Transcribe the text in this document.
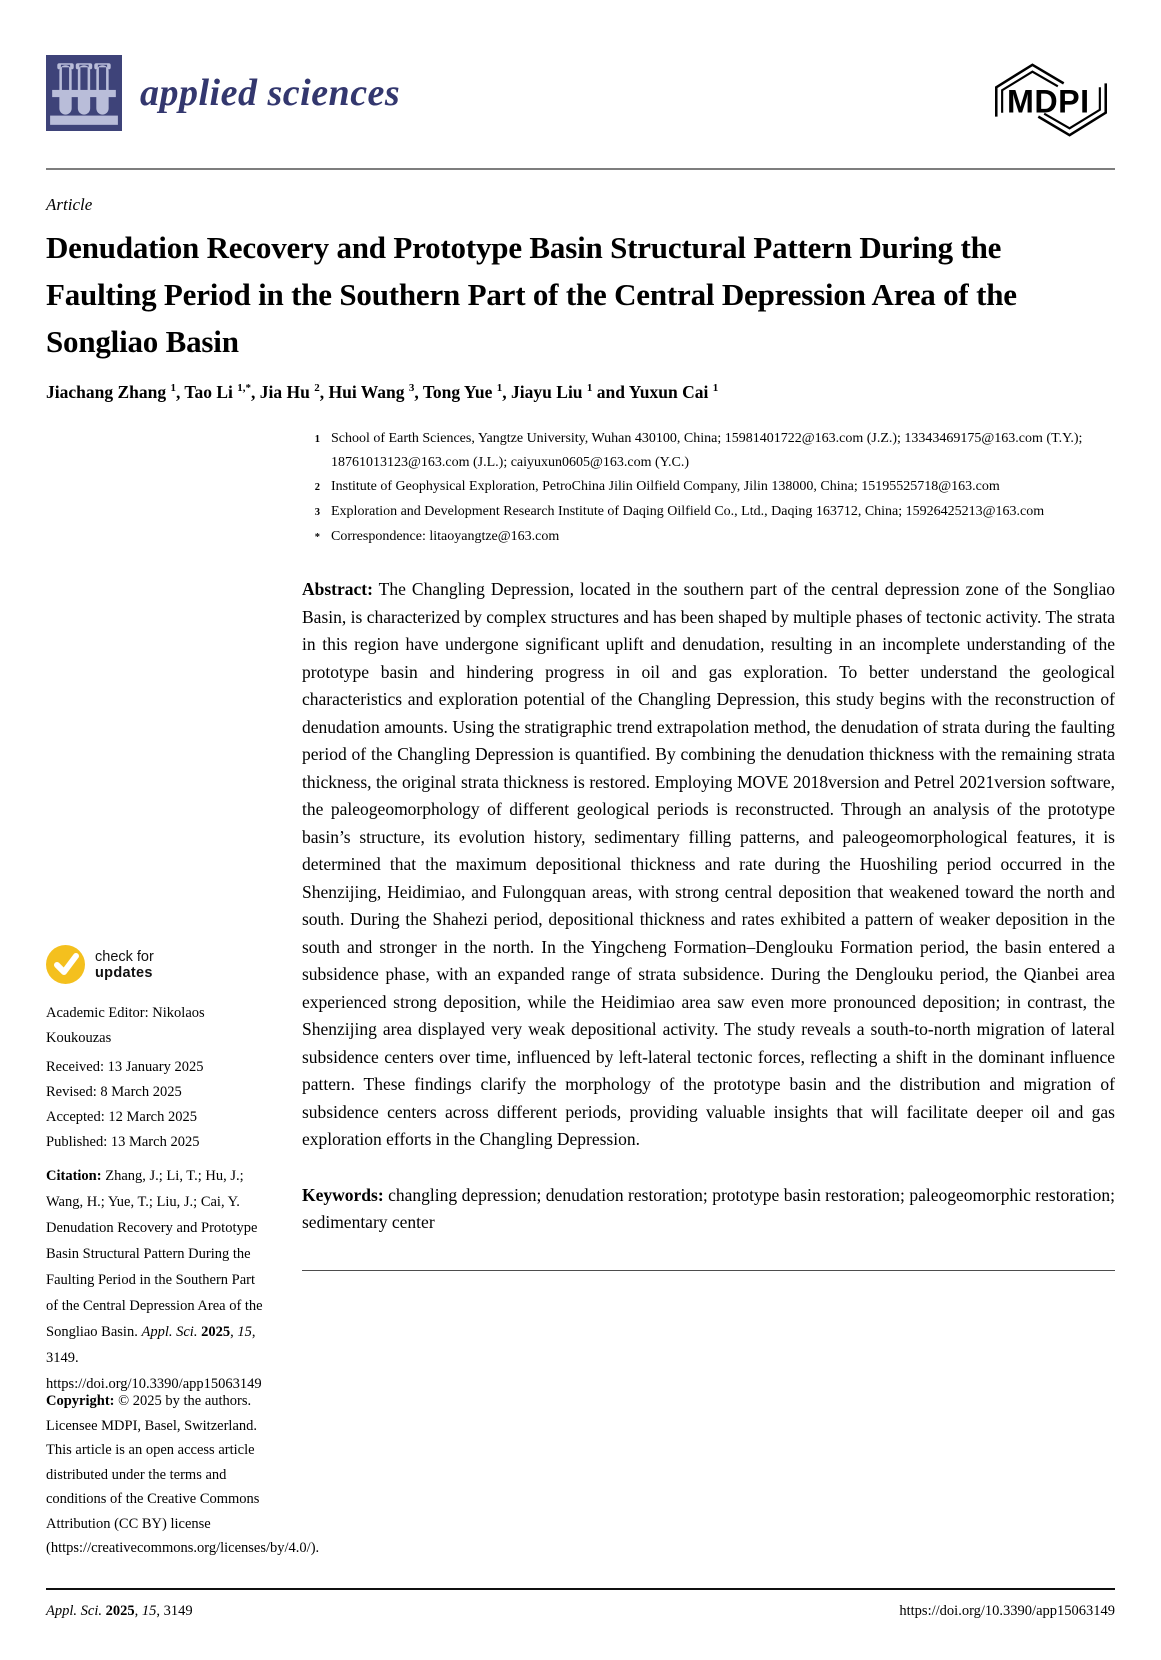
applied sciences	MDPI
Article
Denudation Recovery and Prototype Basin Structural Pattern During the Faulting Period in the Southern Part of the Central Depression Area of the Songliao Basin
Jiachang Zhang $^1$, Tao Li $^{1,*}$, Jia Hu $^2$, Hui Wang $^3$, Tong Yue $^1$, Jiayu Liu $^1$ and Yuxun Cai $^1$
check for
updates
Academic Editor: Nikolaos Koukouzas
Received: 13 January 2025
Revised: 8 March 2025
Accepted: 12 March 2025
Published: 13 March 2025
Citation: Zhang, J.; Li, T.; Hu, J.; Wang, H.; Yue, T.; Liu, J.; Cai, Y. Denudation Recovery and Prototype Basin Structural Pattern During the Faulting Period in the Southern Part of the Central Depression Area of the Songliao Basin. Appl. Sci. 2025, 15, 3149. https://doi.org/10.3390/app15063149
Copyright: © 2025 by the authors. Licensee MDPI, Basel, Switzerland. This article is an open access article distributed under the terms and conditions of the Creative Commons Attribution (CC BY) license (https://creativecommons.org/licenses/by/4.0/).
1 School of Earth Sciences, Yangtze University, Wuhan 430100, China; 15981401722@163.com (J.Z.); 13343469175@163.com (T.Y.); 18761013123@163.com (J.L.); caiyuxun0605@163.com (Y.C.)
2 Institute of Geophysical Exploration, PetroChina Jilin Oilfield Company, Jilin 138000, China; 15195525718@163.com
3 Exploration and Development Research Institute of Daqing Oilfield Co., Ltd., Daqing 163712, China; 15926425213@163.com
* Correspondence: litaoyangtze@163.com

Abstract: The Changling Depression, located in the southern part of the central depression zone of the Songliao Basin, is characterized by complex structures and has been shaped by multiple phases of tectonic activity. The strata in this region have undergone significant uplift and denudation, resulting in an incomplete understanding of the prototype basin and hindering progress in oil and gas exploration. To better understand the geological characteristics and exploration potential of the Changling Depression, this study begins with the reconstruction of denudation amounts. Using the stratigraphic trend extrapolation method, the denudation of strata during the faulting period of the Changling Depression is quantified. By combining the denudation thickness with the remaining strata thickness, the original strata thickness is restored. Employing MOVE 2018version and Petrel 2021version software, the paleogeomorphology of different geological periods is reconstructed. Through an analysis of the prototype basin’s structure, its evolution history, sedimentary filling patterns, and paleogeomorphological features, it is determined that the maximum depositional thickness and rate during the Huoshiling period occurred in the Shenzijing, Heidimiao, and Fulongquan areas, with strong central deposition that weakened toward the north and south. During the Shahezi period, depositional thickness and rates exhibited a pattern of weaker deposition in the south and stronger in the north. In the Yingcheng Formation–Denglouku Formation period, the basin entered a subsidence phase, with an expanded range of strata subsidence. During the Denglouku period, the Qianbei area experienced strong deposition, while the Heidimiao area saw even more pronounced deposition; in contrast, the Shenzijing area displayed very weak depositional activity. The study reveals a south-to-north migration of lateral subsidence centers over time, influenced by left-lateral tectonic forces, reflecting a shift in the dominant influence pattern. These findings clarify the morphology of the prototype basin and the distribution and migration of subsidence centers across different periods, providing valuable insights that will facilitate deeper oil and gas exploration efforts in the Changling Depression.

Keywords: changling depression; denudation restoration; prototype basin restoration; paleogeomorphic restoration; sedimentary center

Appl. Sci. 2025, 15, 3149	https://doi.org/10.3390/app15063149
